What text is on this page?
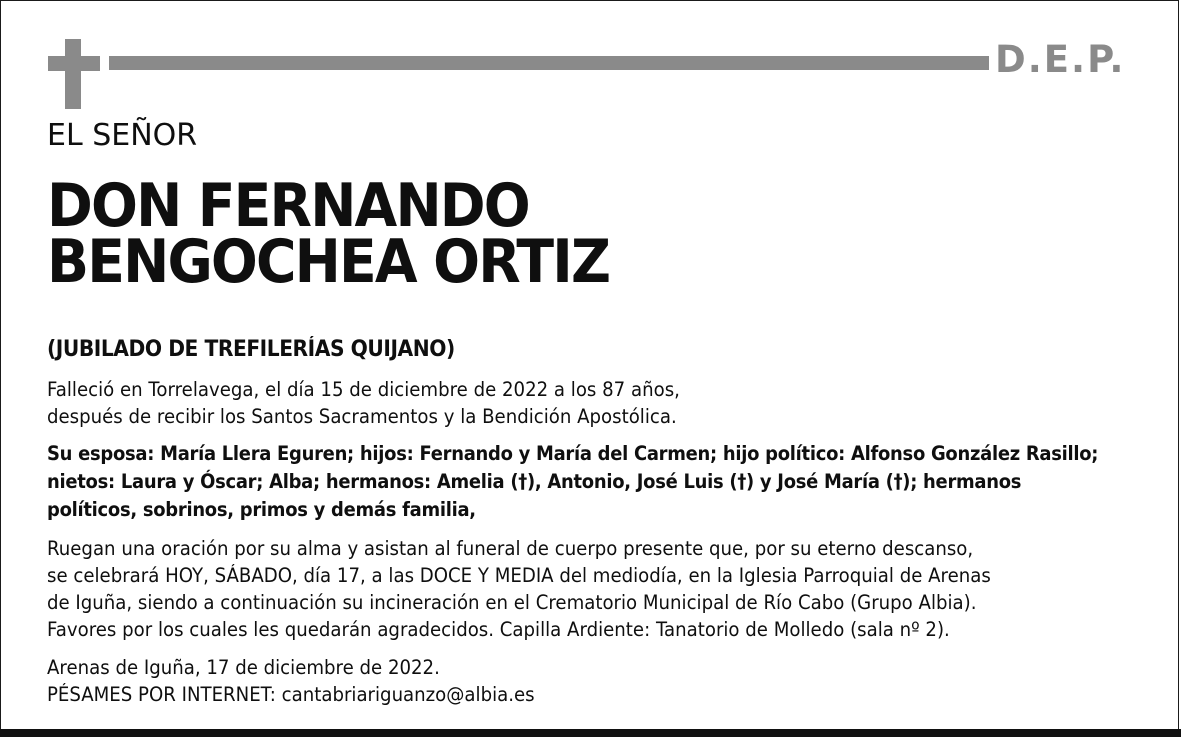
D.E.P.
EL SEÑOR
DON FERNANDO
BENGOCHEA ORTIZ
(JUBILADO DE TREFILERÍAS QUIJANO)
Falleció en Torrelavega, el día 15 de diciembre de 2022 a los 87 años,
después de recibir los Santos Sacramentos y la Bendición Apostólica.
Su esposa: María Llera Eguren; hijos: Fernando y María del Carmen; hijo político: Alfonso González Rasillo;
nietos: Laura y Óscar; Alba; hermanos: Amelia (†), Antonio, José Luis (†) y José María (†); hermanos
políticos, sobrinos, primos y demás familia,
Ruegan una oración por su alma y asistan al funeral de cuerpo presente que, por su eterno descanso,
se celebrará HOY, SÁBADO, día 17, a las DOCE Y MEDIA del mediodía, en la Iglesia Parroquial de Arenas
de Iguña, siendo a continuación su incineración en el Crematorio Municipal de Río Cabo (Grupo Albia).
Favores por los cuales les quedarán agradecidos. Capilla Ardiente: Tanatorio de Molledo (sala nº 2).
Arenas de Iguña, 17 de diciembre de 2022.
PÉSAMES POR INTERNET: cantabriariguanzo@albia.es
